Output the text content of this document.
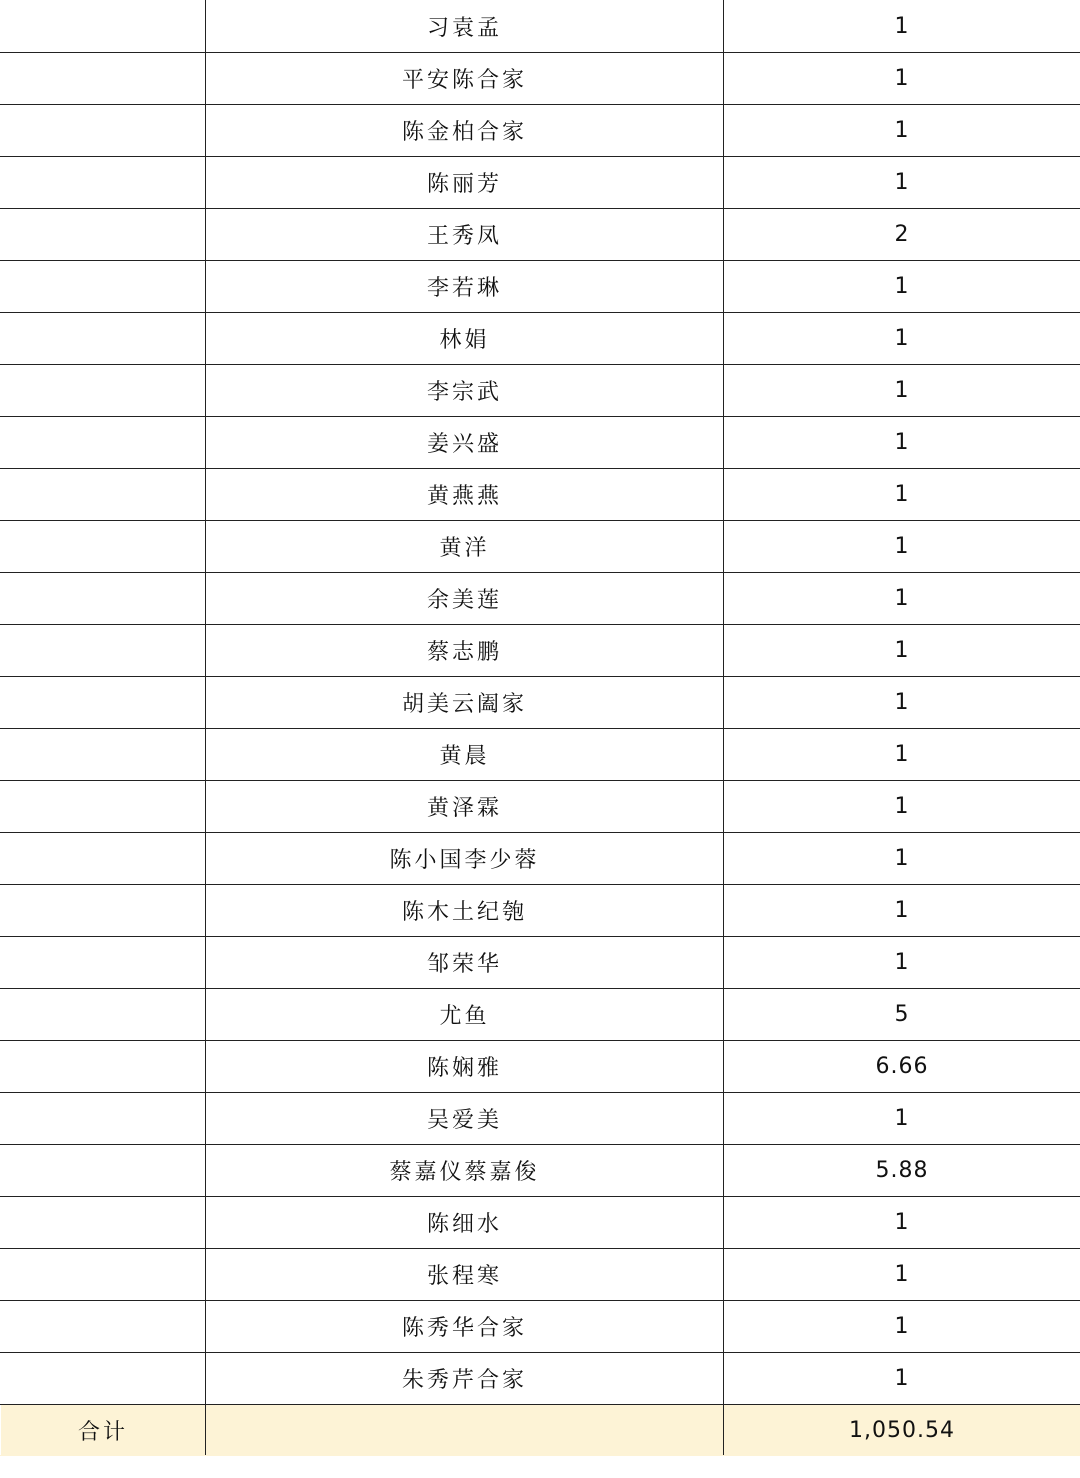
	习袁孟	1
	平安陈合家	1
	陈金柏合家	1
	陈丽芳	1
	王秀凤	2
	李若琳	1
	林娟	1
	李宗武	1
	姜兴盛	1
	黄燕燕	1
	黄洋	1
	余美莲	1
	蔡志鹏	1
	胡美云阖家	1
	黄晨	1
	黄泽霖	1
	陈小国李少蓉	1
	陈木土纪匏	1
	邹荣华	1
	尤鱼	5
	陈娴雅	6.66
	吴爱美	1
	蔡嘉仪蔡嘉俊	5.88
	陈细水	1
	张程寒	1
	陈秀华合家	1
	朱秀芹合家	1
合计		1,050.54
